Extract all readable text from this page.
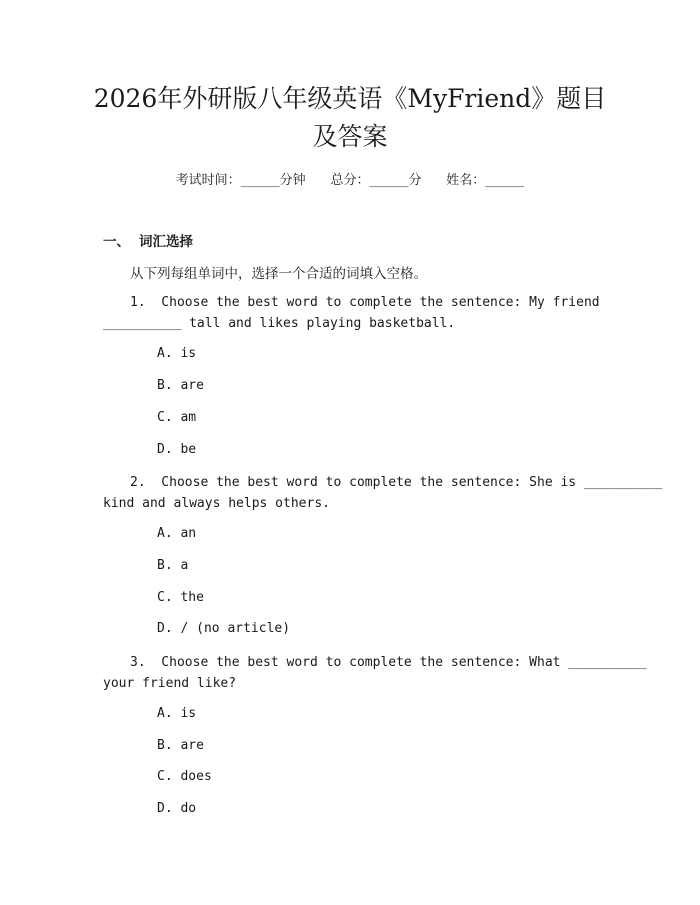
2026年外研版八年级英语《MyFriend》题目
及答案
考试时间：______分钟 总分：______分 姓名：______
一、 词汇选择
从下列每组单词中，选择一个合适的词填入空格。
1.  Choose the best word to complete the sentence: My friend
__________ tall and likes playing basketball.
A. is
B. are
C. am
D. be
2.  Choose the best word to complete the sentence: She is __________
kind and always helps others.
A. an
B. a
C. the
D. / (no article)
3.  Choose the best word to complete the sentence: What __________
your friend like?
A. is
B. are
C. does
D. do
